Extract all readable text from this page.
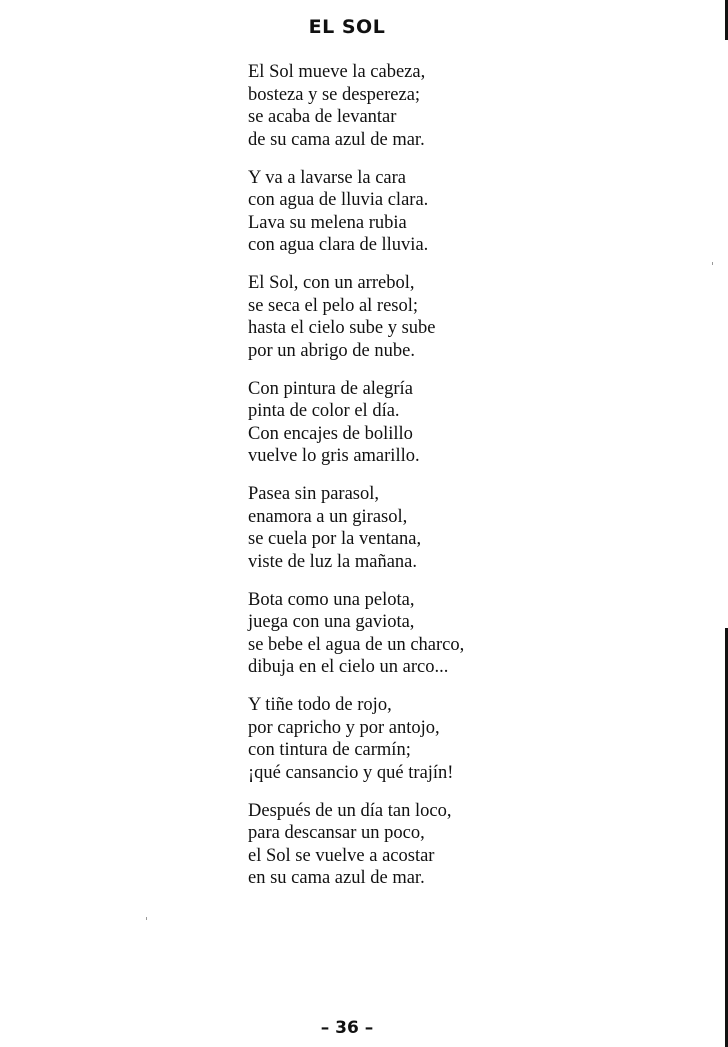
EL SOL
El Sol mueve la cabeza,
bosteza y se despereza;
se acaba de levantar
de su cama azul de mar.
Y va a lavarse la cara
con agua de lluvia clara.
Lava su melena rubia
con agua clara de lluvia.
El Sol, con un arrebol,
se seca el pelo al resol;
hasta el cielo sube y sube
por un abrigo de nube.
Con pintura de alegría
pinta de color el día.
Con encajes de bolillo
vuelve lo gris amarillo.
Pasea sin parasol,
enamora a un girasol,
se cuela por la ventana,
viste de luz la mañana.
Bota como una pelota,
juega con una gaviota,
se bebe el agua de un charco,
dibuja en el cielo un arco...
Y tiñe todo de rojo,
por capricho y por antojo,
con tintura de carmín;
¡qué cansancio y qué trajín!
Después de un día tan loco,
para descansar un poco,
el Sol se vuelve a acostar
en su cama azul de mar.
– 36 –
